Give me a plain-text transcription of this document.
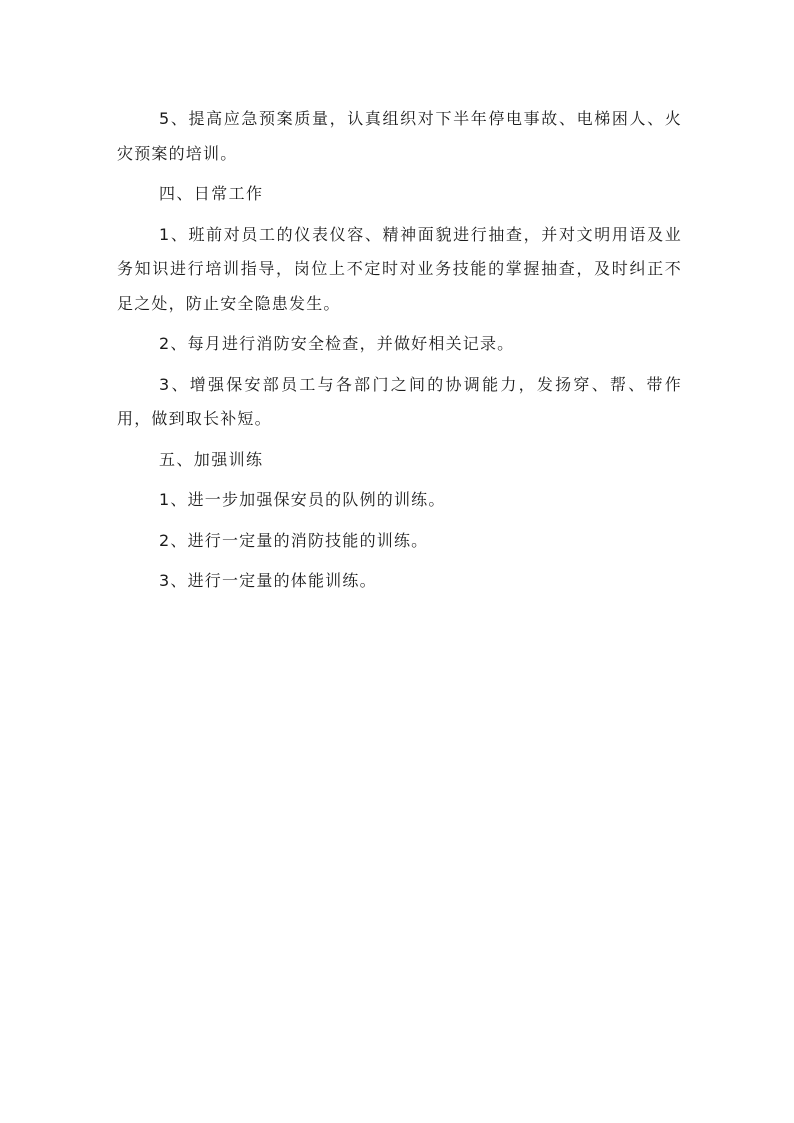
5、提高应急预案质量，认真组织对下半年停电事故、电梯困人、火灾预案的培训。

四、日常工作

1、班前对员工的仪表仪容、精神面貌进行抽查，并对文明用语及业务知识进行培训指导，岗位上不定时对业务技能的掌握抽查，及时纠正不足之处，防止安全隐患发生。

2、每月进行消防安全检查，并做好相关记录。

3、增强保安部员工与各部门之间的协调能力，发扬穿、帮、带作用，做到取长补短。

五、加强训练

1、进一步加强保安员的队例的训练。

2、进行一定量的消防技能的训练。

3、进行一定量的体能训练。
